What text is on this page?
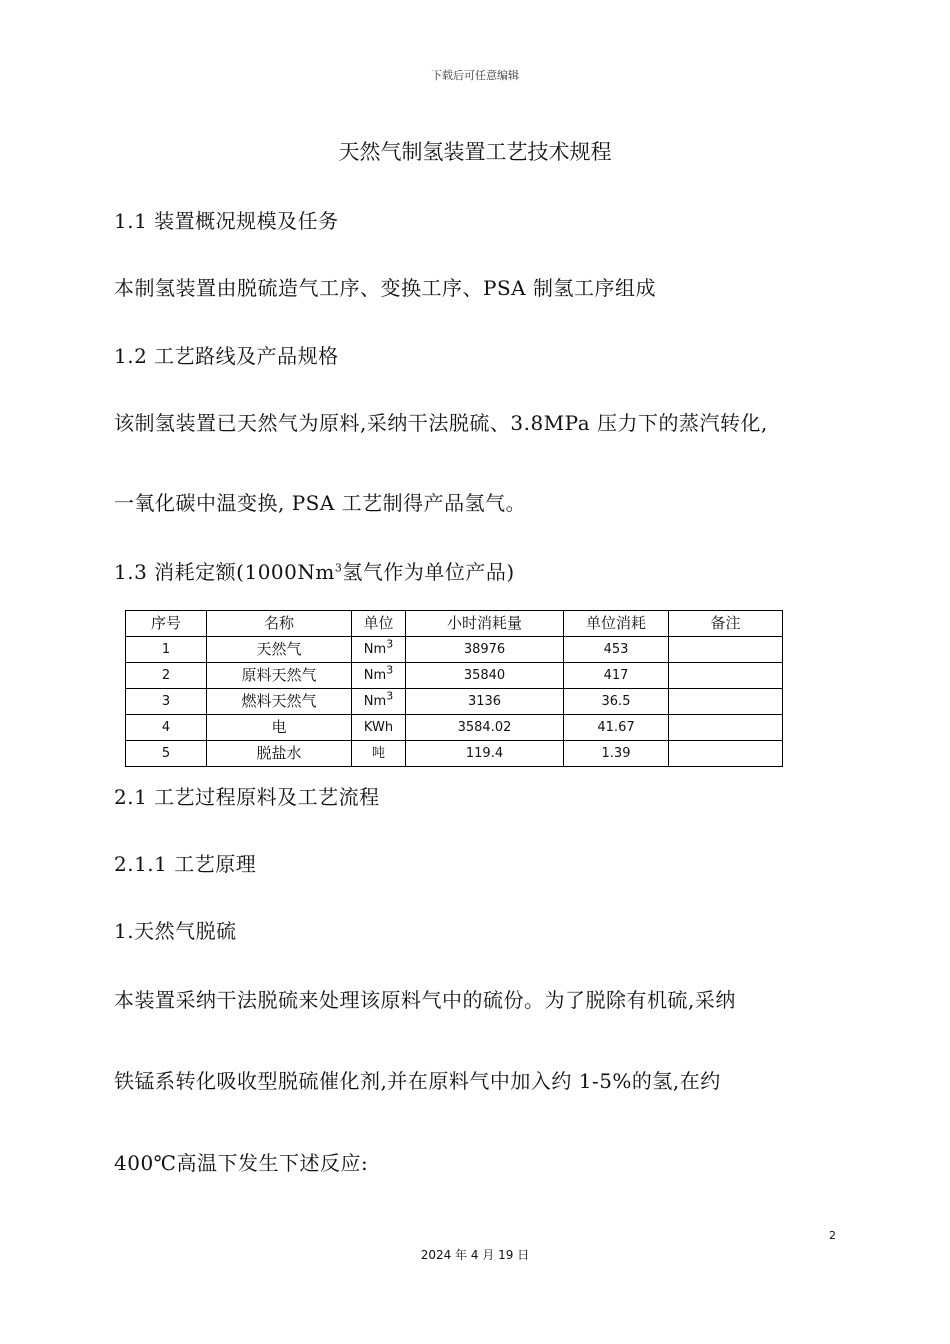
下载后可任意编辑
天然气制氢装置工艺技术规程
1.1 装置概况规模及任务
本制氢装置由脱硫造气工序、变换工序、PSA 制氢工序组成
1.2 工艺路线及产品规格
该制氢装置已天然气为原料,采纳干法脱硫、3.8MPa 压力下的蒸汽转化,
一氧化碳中温变换, PSA 工艺制得产品氢气。
1.3 消耗定额(1000Nm$^3$氢气作为单位产品)
序号	名称	单位	小时消耗量	单位消耗	备注
1	天然气	Nm$^3$	38976	453	
2	原料天然气	Nm$^3$	35840	417	
3	燃料天然气	Nm$^3$	3136	36.5	
4	电	KWh	3584.02	41.67	
5	脱盐水	吨	119.4	1.39	
2.1 工艺过程原料及工艺流程
2.1.1 工艺原理
1.天然气脱硫
本装置采纳干法脱硫来处理该原料气中的硫份。为了脱除有机硫,采纳
铁锰系转化吸收型脱硫催化剂,并在原料气中加入约 1-5%的氢,在约
400℃高温下发生下述反应:
2
2024 年 4 月 19 日
